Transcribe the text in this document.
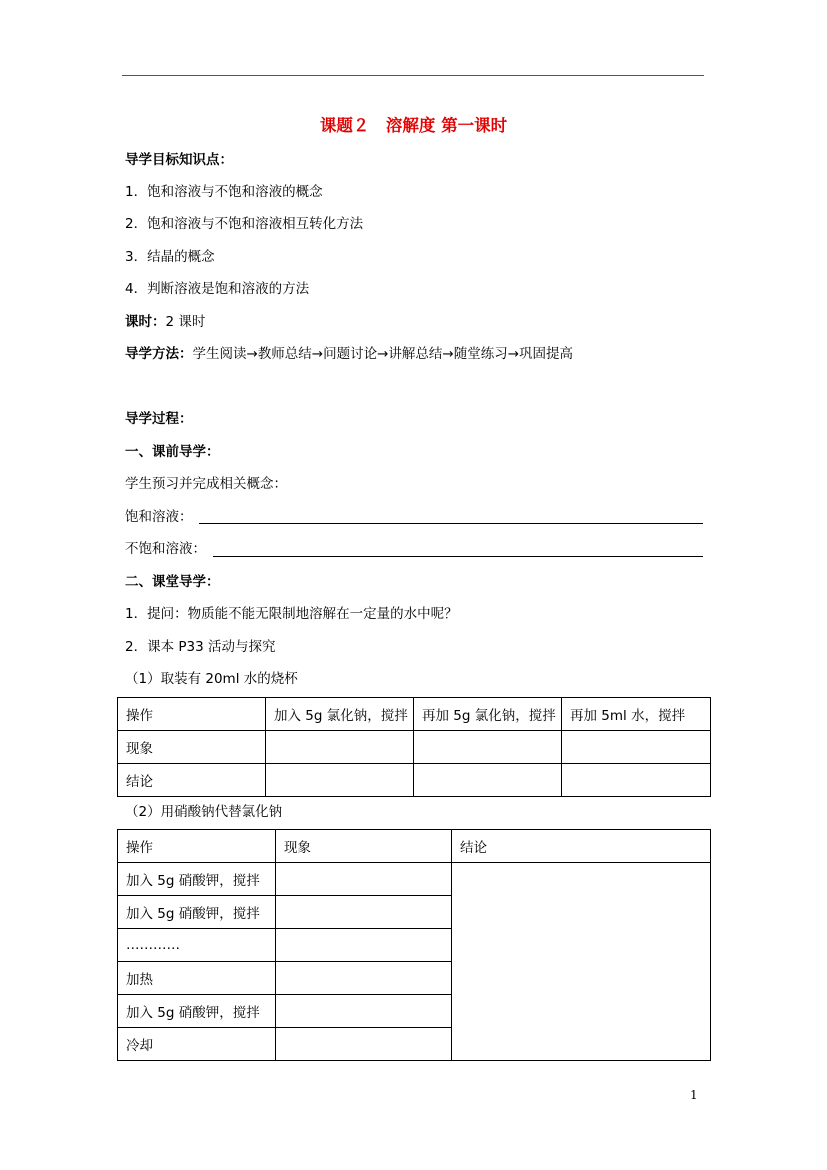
课题２　溶解度 第一课时
导学目标知识点：
1．饱和溶液与不饱和溶液的概念
2．饱和溶液与不饱和溶液相互转化方法
3．结晶的概念
4．判断溶液是饱和溶液的方法
课时：2 课时
导学方法：学生阅读→教师总结→问题讨论→讲解总结→随堂练习→巩固提高
导学过程：
一、课前导学：
学生预习并完成相关概念：
饱和溶液：
不饱和溶液：
二、课堂导学：
1．提问：物质能不能无限制地溶解在一定量的水中呢？
2．课本 P33 活动与探究
（1）取装有 20ml 水的烧杯
操作	加入 5g 氯化钠，搅拌	再加 5g 氯化钠，搅拌	再加 5ml 水，搅拌
现象			
结论			
（2）用硝酸钠代替氯化钠
操作	现象	结论
加入 5g 硝酸钾，搅拌		
加入 5g 硝酸钾，搅拌		
…………		
加热		
加入 5g 硝酸钾，搅拌		
冷却		
1
